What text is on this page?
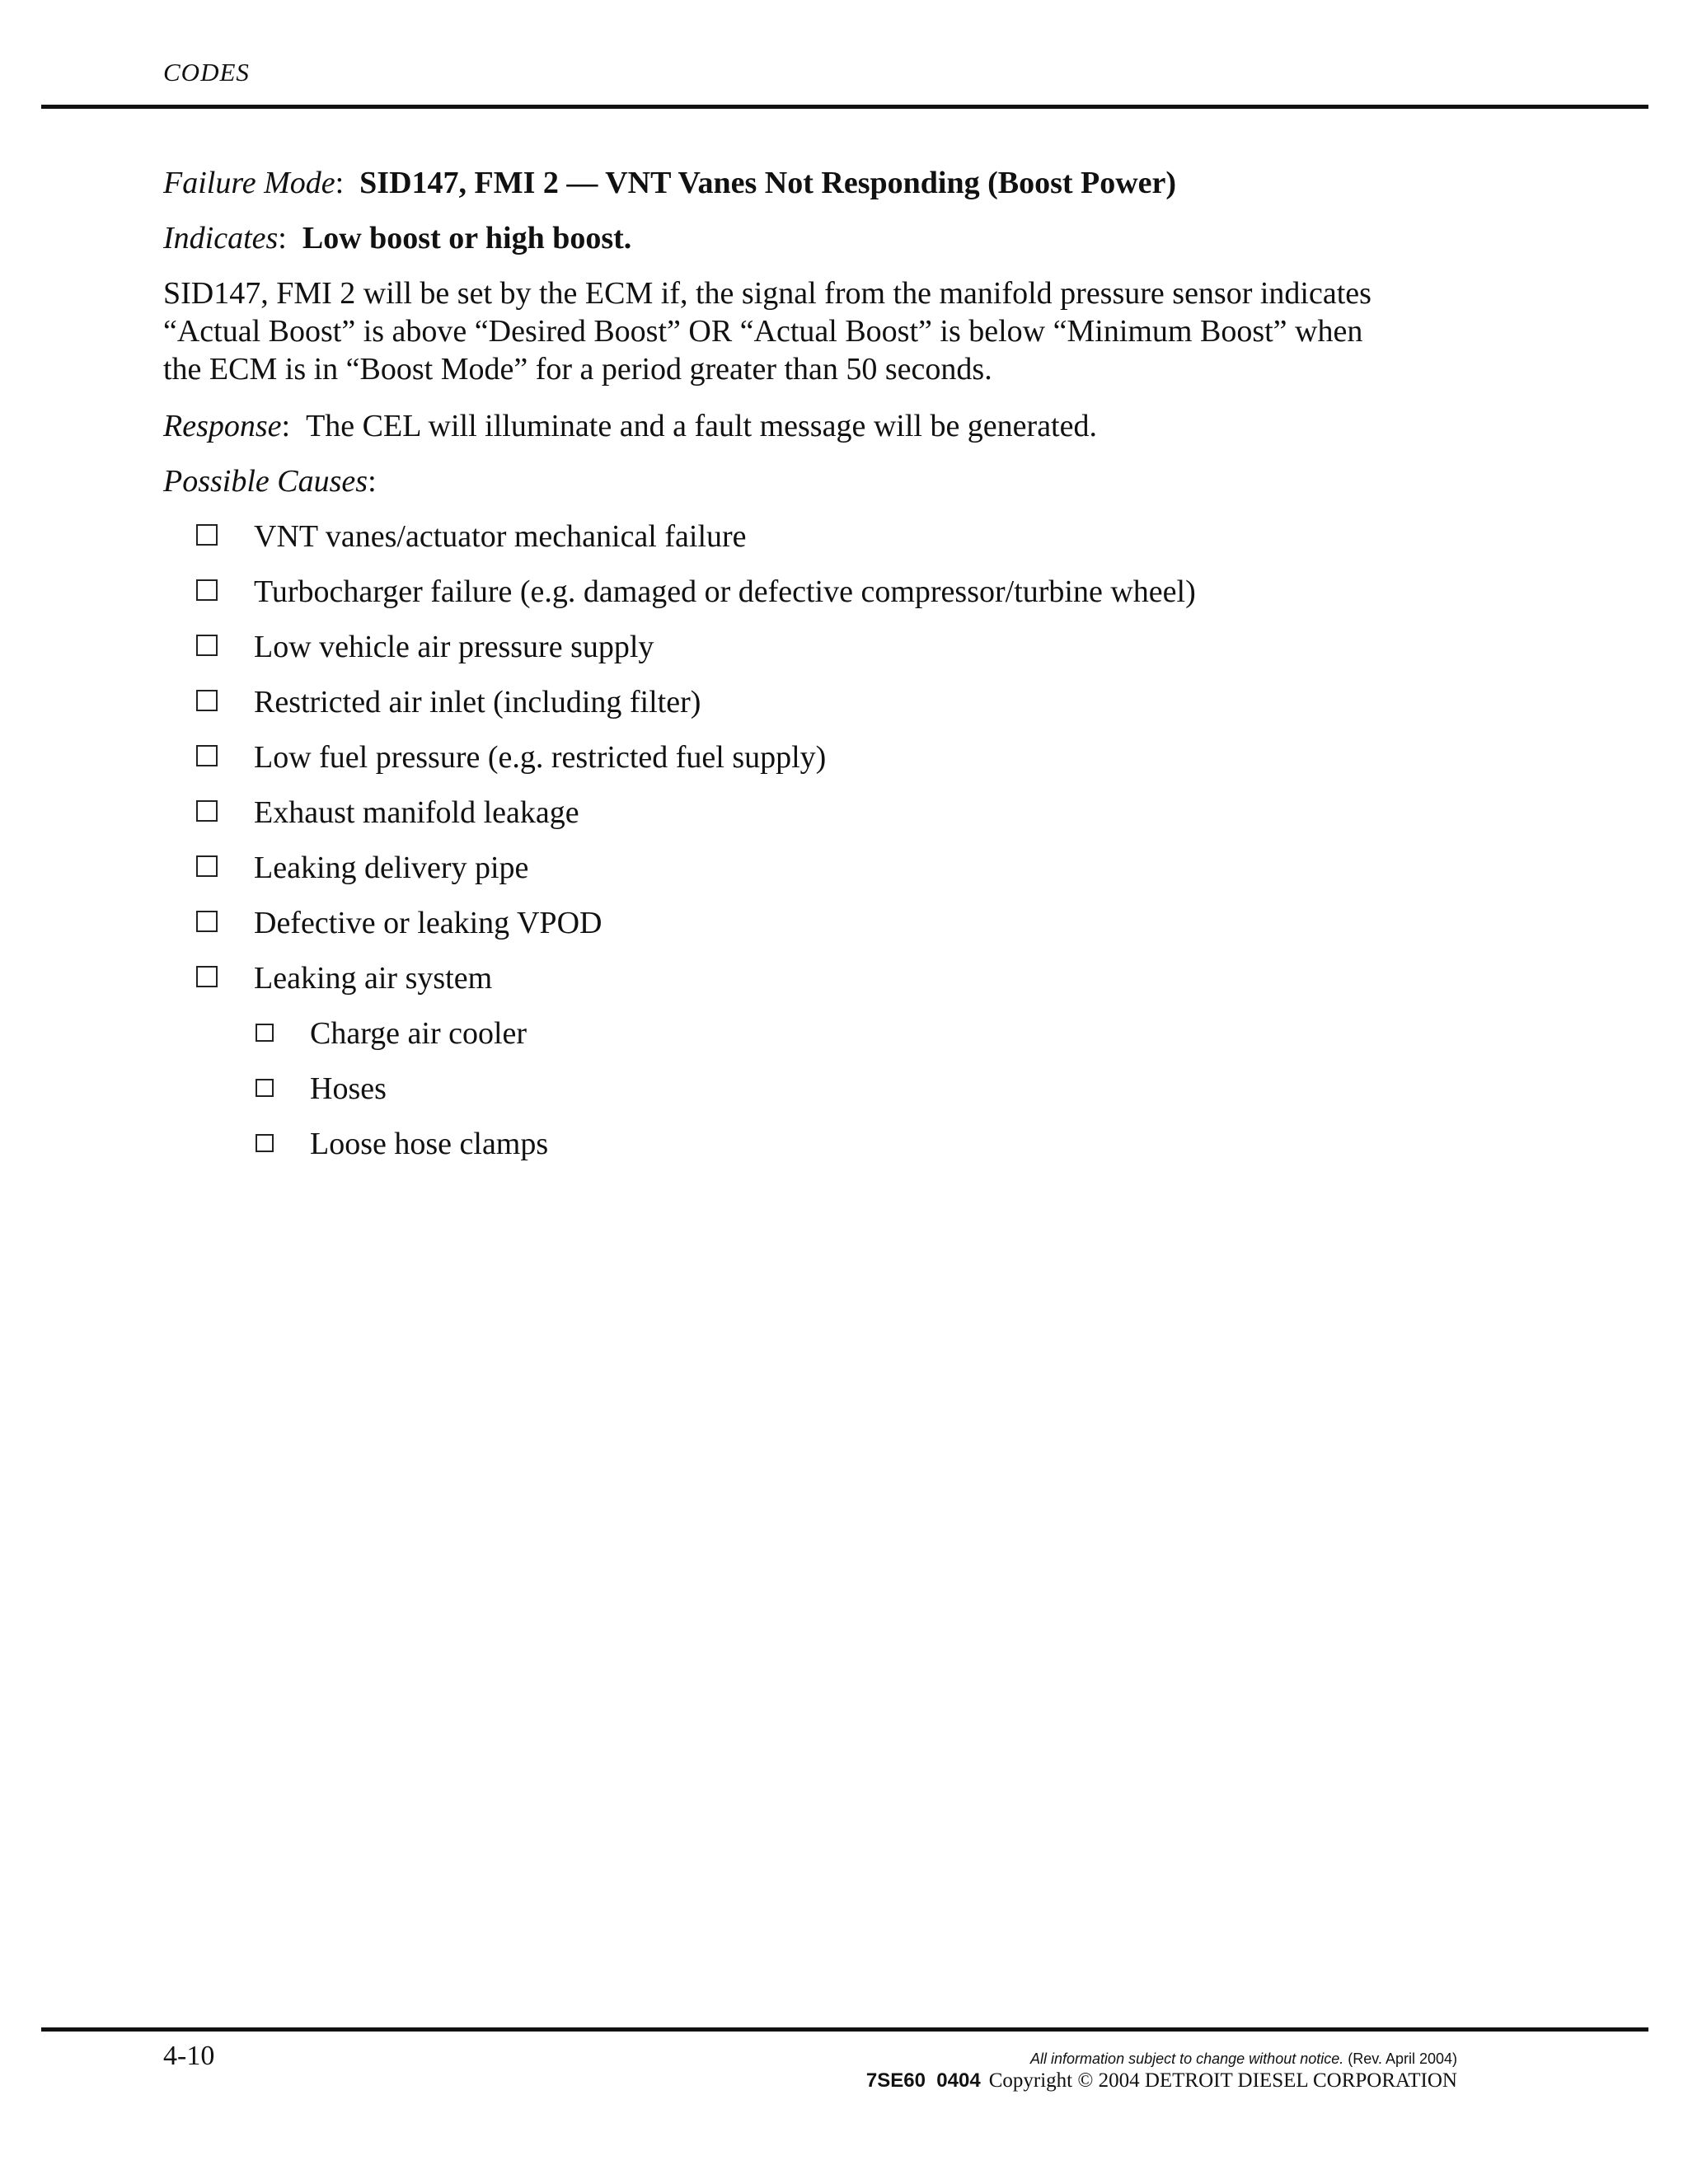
CODES
Failure Mode:  SID147, FMI 2 — VNT Vanes Not Responding (Boost Power)
Indicates:  Low boost or high boost.
SID147, FMI 2 will be set by the ECM if, the signal from the manifold pressure sensor indicates
“Actual Boost” is above “Desired Boost” OR “Actual Boost” is below “Minimum Boost” when
the ECM is in “Boost Mode” for a period greater than 50 seconds.
Response:  The CEL will illuminate and a fault message will be generated.
Possible Causes:
VNT vanes/actuator mechanical failure
Turbocharger failure (e.g. damaged or defective compressor/turbine wheel)
Low vehicle air pressure supply
Restricted air inlet (including filter)
Low fuel pressure (e.g. restricted fuel supply)
Exhaust manifold leakage
Leaking delivery pipe
Defective or leaking VPOD
Leaking air system
Charge air cooler
Hoses
Loose hose clamps
4-10	All information subject to change without notice. (Rev. April 2004)
7SE60  0404 Copyright © 2004 DETROIT DIESEL CORPORATION
